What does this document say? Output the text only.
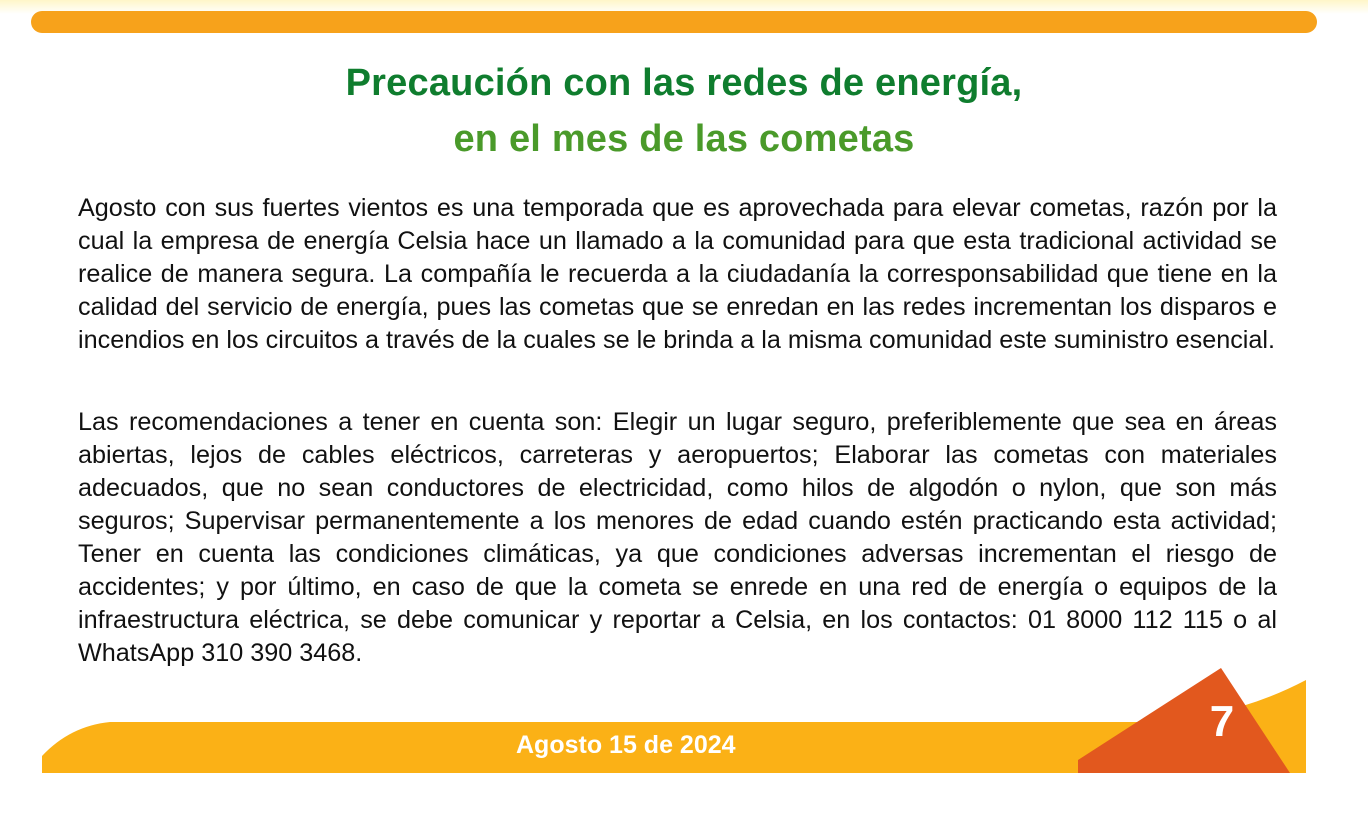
Precaución con las redes de energía,
en el mes de las cometas

Agosto con sus fuertes vientos es una temporada que es aprovechada para elevar cometas, razón por la cual la empresa de energía Celsia hace un llamado a la comunidad para que esta tradicional actividad se realice de manera segura. La compañía le recuerda a la ciudadanía la corresponsabilidad que tiene en la calidad del servicio de energía, pues las cometas que se enredan en las redes incrementan los disparos e incendios en los circuitos a través de la cuales se le brinda a la misma comunidad este suministro esencial.

Las recomendaciones a tener en cuenta son: Elegir un lugar seguro, preferiblemente que sea en áreas abiertas, lejos de cables eléctricos, carreteras y aeropuertos; Elaborar las cometas con materiales adecuados, que no sean conductores de electricidad, como hilos de algodón o nylon, que son más seguros; Supervisar permanentemente a los menores de edad cuando estén practicando esta actividad; Tener en cuenta las condiciones climáticas, ya que condiciones adversas incrementan el riesgo de accidentes; y por último, en caso de que la cometa se enrede en una red de energía o equipos de la infraestructura eléctrica, se debe comunicar y reportar a Celsia, en los contactos: 01 8000 112 115 o al WhatsApp 310 390 3468.

Agosto 15 de 2024	7
